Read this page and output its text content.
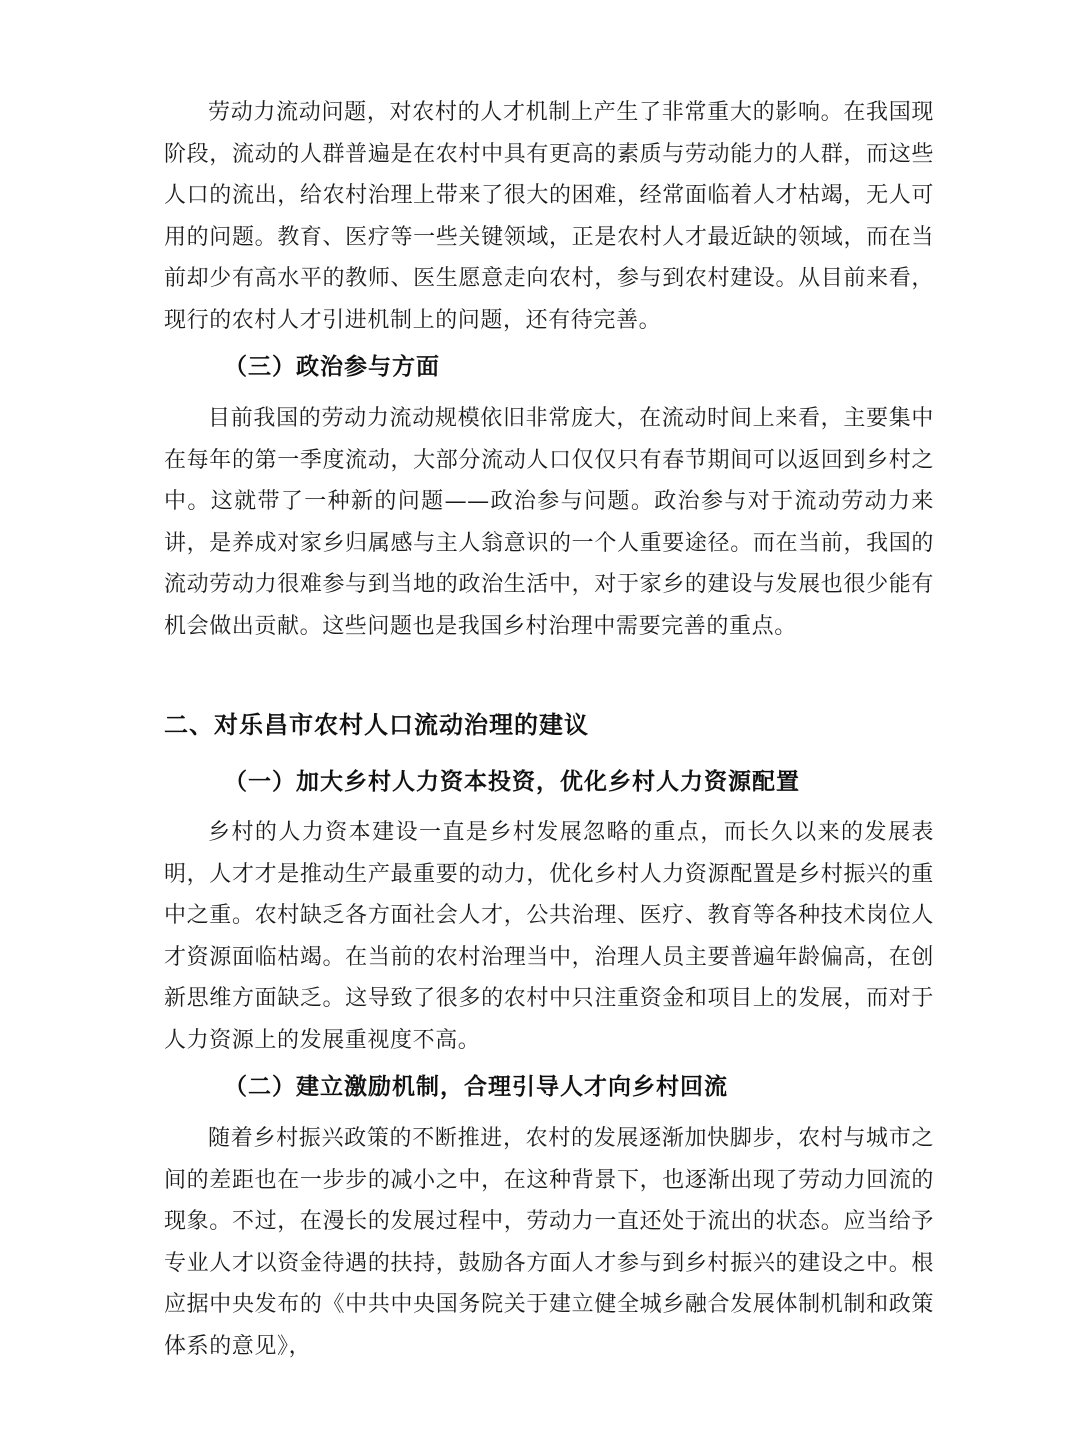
劳动力流动问题，对农村的人才机制上产生了非常重大的影响。在我国现阶段，流动的人群普遍是在农村中具有更高的素质与劳动能力的人群，而这些人口的流出，给农村治理上带来了很大的困难，经常面临着人才枯竭，无人可用的问题。教育、医疗等一些关键领域，正是农村人才最近缺的领域，而在当前却少有高水平的教师、医生愿意走向农村，参与到农村建设。从目前来看，现行的农村人才引进机制上的问题，还有待完善。

（三）政治参与方面

目前我国的劳动力流动规模依旧非常庞大，在流动时间上来看，主要集中在每年的第一季度流动，大部分流动人口仅仅只有春节期间可以返回到乡村之中。这就带了一种新的问题——政治参与问题。政治参与对于流动劳动力来讲，是养成对家乡归属感与主人翁意识的一个人重要途径。而在当前，我国的流动劳动力很难参与到当地的政治生活中，对于家乡的建设与发展也很少能有机会做出贡献。这些问题也是我国乡村治理中需要完善的重点。

二、对乐昌市农村人口流动治理的建议
（一）加大乡村人力资本投资，优化乡村人力资源配置

乡村的人力资本建设一直是乡村发展忽略的重点，而长久以来的发展表明，人才才是推动生产最重要的动力，优化乡村人力资源配置是乡村振兴的重中之重。农村缺乏各方面社会人才，公共治理、医疗、教育等各种技术岗位人才资源面临枯竭。在当前的农村治理当中，治理人员主要普遍年龄偏高，在创新思维方面缺乏。这导致了很多的农村中只注重资金和项目上的发展，而对于人力资源上的发展重视度不高。

（二）建立激励机制，合理引导人才向乡村回流

随着乡村振兴政策的不断推进，农村的发展逐渐加快脚步，农村与城市之间的差距也在一步步的减小之中，在这种背景下，也逐渐出现了劳动力回流的现象。不过，在漫长的发展过程中，劳动力一直还处于流出的状态。应当给予专业人才以资金待遇的扶持，鼓励各方面人才参与到乡村振兴的建设之中。根应据中央发布的《中共中央国务院关于建立健全城乡融合发展体制机制和政策体系的意见》，
